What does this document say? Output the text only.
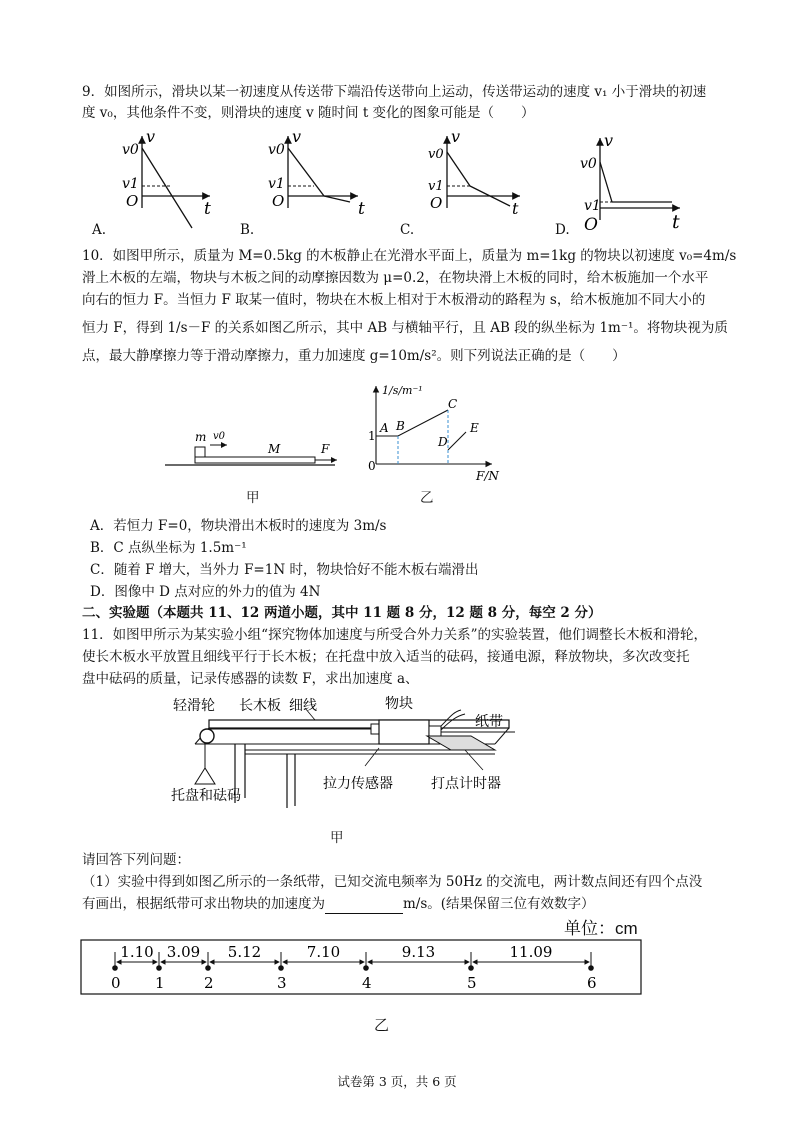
9．如图所示，滑块以某一初速度从传送带下端沿传送带向上运动，传送带运动的速度 v₁ 小于滑块的初速
度 v₀，其他条件不变，则滑块的速度 v 随时间 t 变化的图象可能是（　　）
v
v0
v1
O	t
v
v0
v1
O	t
v
v0
v1
O	t
v
v0
v1
O	t
A.	B.	C.	D.
10．如图甲所示，质量为 M=0.5kg 的木板静止在光滑水平面上，质量为 m=1kg 的物块以初速度 v₀=4m/s
滑上木板的左端，物块与木板之间的动摩擦因数为 μ=0.2，在物块滑上木板的同时，给木板施加一个水平
向右的恒力 F。当恒力 F 取某一值时，物块在木板上相对于木板滑动的路程为 s，给木板施加不同大小的
恒力 F，得到 1/s－F 的关系如图乙所示，其中 AB 与横轴平行，且 AB 段的纵坐标为 1m⁻¹。将物块视为质
点，最大静摩擦力等于滑动摩擦力，重力加速度 g=10m/s²。则下列说法正确的是（　　）
m v0
M	F
甲
1/s/m⁻¹
1
0
A B
C
D
E
F/N
乙
A．若恒力 F=0，物块滑出木板时的速度为 3m/s
B．C 点纵坐标为 1.5m⁻¹
C．随着 F 增大，当外力 F=1N 时，物块恰好不能木板右端滑出
D．图像中 D 点对应的外力的值为 4N
二、实验题（本题共 11、12 两道小题，其中 11 题 8 分，12 题 8 分，每空 2 分）
11．如图甲所示为某实验小组“探究物体加速度与所受合外力关系”的实验装置，他们调整长木板和滑轮，
使长木板水平放置且细线平行于长木板；在托盘中放入适当的砝码，接通电源，释放物块，多次改变托
盘中砝码的质量，记录传感器的读数 F，求出加速度 a、
轻滑轮 长木板 细线	物块
纸带
托盘和砝码
拉力传感器	打点计时器
甲
请回答下列问题：
（1）实验中得到如图乙所示的一条纸带，已知交流电频率为 50Hz 的交流电，两计数点间还有四个点没
有画出，根据纸带可求出物块的加速度为	m/s。(结果保留三位有效数字）
单位：cm
0 1	2	3	4	5	6
1.10 3.09 5.12	7.10	9.13	11.09
乙
试卷第 3 页，共 6 页
